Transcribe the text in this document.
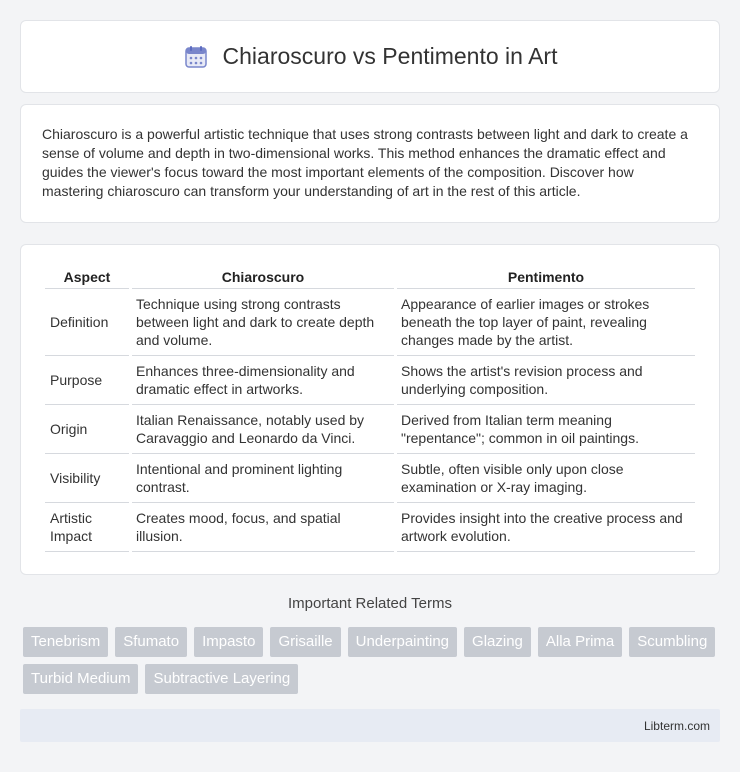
Chiaroscuro vs Pentimento in Art

Chiaroscuro is a powerful artistic technique that uses strong contrasts between light and dark to create a sense of volume and depth in two-dimensional works. This method enhances the dramatic effect and guides the viewer's focus toward the most important elements of the composition. Discover how mastering chiaroscuro can transform your understanding of art in the rest of this article.

Aspect	Chiaroscuro	Pentimento
Definition	Technique using strong contrasts between light and dark to create depth and volume.	Appearance of earlier images or strokes beneath the top layer of paint, revealing changes made by the artist.
Purpose	Enhances three-dimensionality and dramatic effect in artworks.	Shows the artist's revision process and underlying composition.
Origin	Italian Renaissance, notably used by Caravaggio and Leonardo da Vinci.	Derived from Italian term meaning "repentance"; common in oil paintings.
Visibility	Intentional and prominent lighting contrast.	Subtle, often visible only upon close examination or X-ray imaging.
Artistic Impact	Creates mood, focus, and spatial illusion.	Provides insight into the creative process and artwork evolution.
Important Related Terms
Tenebrism	Sfumato	Impasto	Grisaille	Underpainting	Glazing	Alla Prima	Scumbling
Turbid Medium	Subtractive Layering
Libterm.com
